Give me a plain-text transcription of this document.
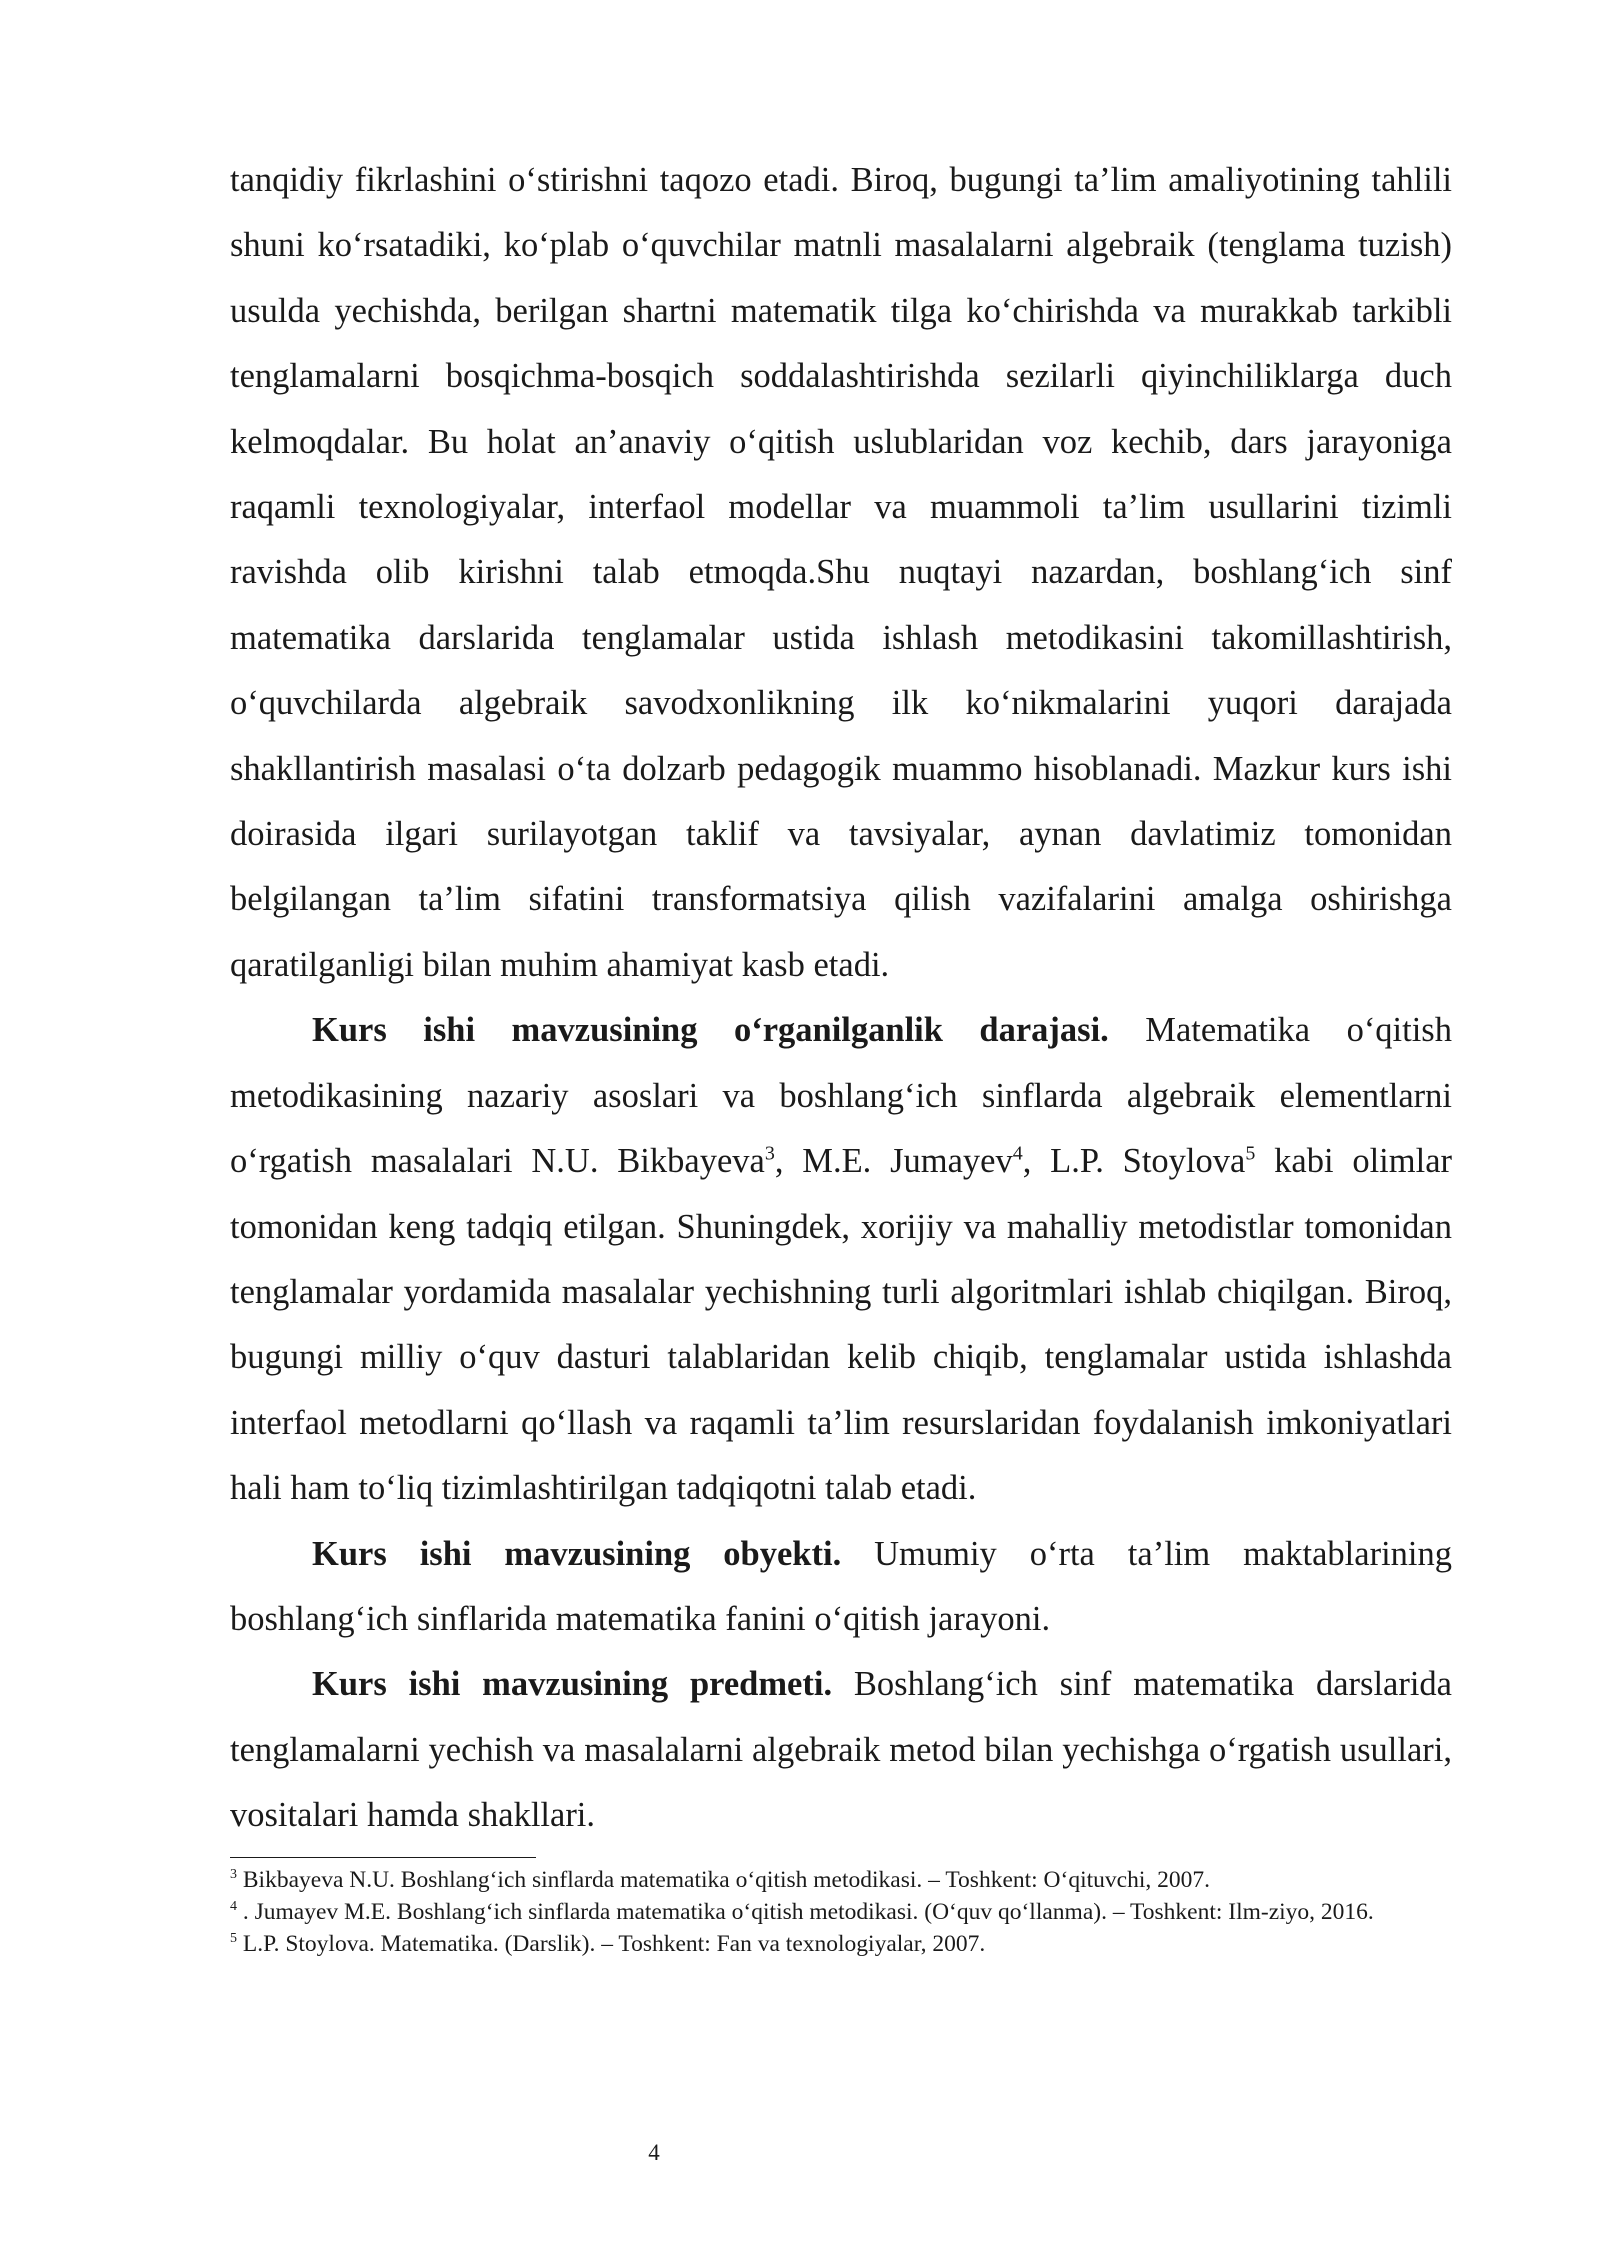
tanqidiy fikrlashini o‘stirishni taqozo etadi. Biroq, bugungi ta’lim amaliyotining tahlili shuni ko‘rsatadiki, ko‘plab o‘quvchilar matnli masalalarni algebraik (tenglama tuzish) usulda yechishda, berilgan shartni matematik tilga ko‘chirishda va murakkab tarkibli tenglamalarni bosqichma-bosqich soddalashtirishda sezilarli qiyinchiliklarga duch kelmoqdalar. Bu holat an’anaviy o‘qitish uslublaridan voz kechib, dars jarayoniga raqamli texnologiyalar, interfaol modellar va muammoli ta’lim usullarini tizimli ravishda olib kirishni talab etmoqda.Shu nuqtayi nazardan, boshlang‘ich sinf matematika darslarida tenglamalar ustida ishlash metodikasini takomillashtirish, o‘quvchilarda algebraik savodxonlikning ilk ko‘nikmalarini yuqori darajada shakllantirish masalasi o‘ta dolzarb pedagogik muammo hisoblanadi. Mazkur kurs ishi doirasida ilgari surilayotgan taklif va tavsiyalar, aynan davlatimiz tomonidan belgilangan ta’lim sifatini transformatsiya qilish vazifalarini amalga oshirishga qaratilganligi bilan muhim ahamiyat kasb etadi.

Kurs ishi mavzusining o‘rganilganlik darajasi. Matematika o‘qitish metodikasining nazariy asoslari va boshlang‘ich sinflarda algebraik elementlarni o‘rgatish masalalari N.U. Bikbayeva$^3$, M.E. Jumayev$^4$, L.P. Stoylova$^5$ kabi olimlar tomonidan keng tadqiq etilgan. Shuningdek, xorijiy va mahalliy metodistlar tomonidan tenglamalar yordamida masalalar yechishning turli algoritmlari ishlab chiqilgan. Biroq, bugungi milliy o‘quv dasturi talablaridan kelib chiqib, tenglamalar ustida ishlashda interfaol metodlarni qo‘llash va raqamli ta’lim resurslaridan foydalanish imkoniyatlari hali ham to‘liq tizimlashtirilgan tadqiqotni talab etadi.

Kurs ishi mavzusining obyekti. Umumiy o‘rta ta’lim maktablarining boshlang‘ich sinflarida matematika fanini o‘qitish jarayoni.

Kurs ishi mavzusining predmeti. Boshlang‘ich sinf matematika darslarida tenglamalarni yechish va masalalarni algebraik metod bilan yechishga o‘rgatish usullari, vositalari hamda shakllari.

$^3$ Bikbayeva N.U. Boshlang‘ich sinflarda matematika o‘qitish metodikasi. – Toshkent: O‘qituvchi, 2007.

$^4$ . Jumayev M.E. Boshlang‘ich sinflarda matematika o‘qitish metodikasi. (O‘quv qo‘llanma). – Toshkent: Ilm-ziyo, 2016.

$^5$ L.P. Stoylova. Matematika. (Darslik). – Toshkent: Fan va texnologiyalar, 2007.

4
